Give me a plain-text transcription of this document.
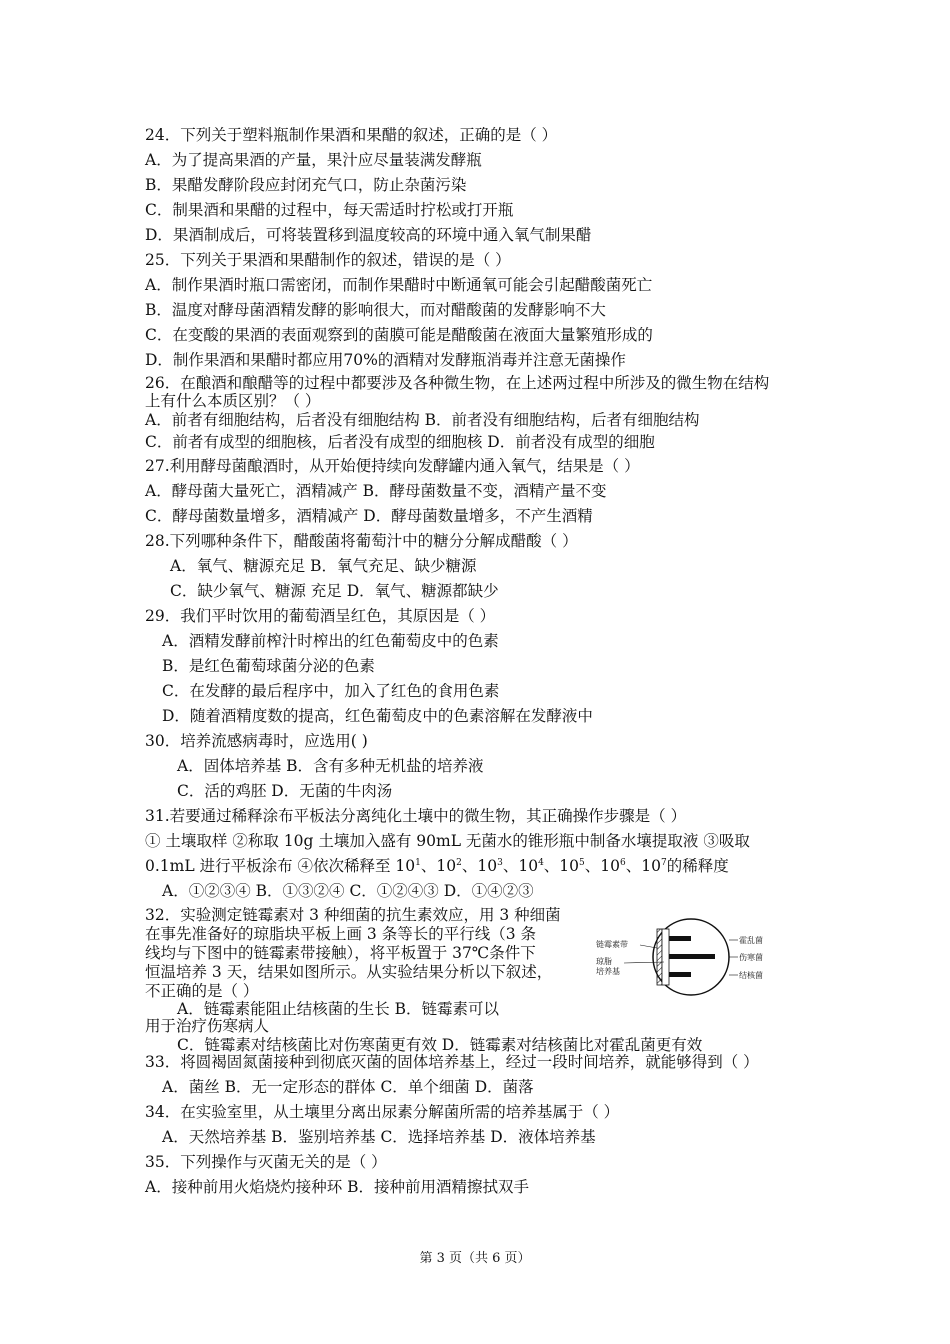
24．下列关于塑料瓶制作果酒和果醋的叙述，正确的是（ ）
A．为了提高果酒的产量，果汁应尽量装满发酵瓶
B．果醋发酵阶段应封闭充气口，防止杂菌污染
C．制果酒和果醋的过程中，每天需适时拧松或打开瓶
D．果酒制成后，可将装置移到温度较高的环境中通入氧气制果醋
25．下列关于果酒和果醋制作的叙述，错误的是（ ）
A．制作果酒时瓶口需密闭，而制作果醋时中断通氧可能会引起醋酸菌死亡
B．温度对酵母菌酒精发酵的影响很大，而对醋酸菌的发酵影响不大
C．在变酸的果酒的表面观察到的菌膜可能是醋酸菌在液面大量繁殖形成的
D．制作果酒和果醋时都应用70%的酒精对发酵瓶消毒并注意无菌操作
26．在酿酒和酿醋等的过程中都要涉及各种微生物，在上述两过程中所涉及的微生物在结构
上有什么本质区别？（ ）
A．前者有细胞结构，后者没有细胞结构 B．前者没有细胞结构，后者有细胞结构
C．前者有成型的细胞核，后者没有成型的细胞核 D．前者没有成型的细胞
27.利用酵母菌酿酒时，从开始便持续向发酵罐内通入氧气，结果是（ ）
A．酵母菌大量死亡，酒精减产 B．酵母菌数量不变，酒精产量不变
C．酵母菌数量增多，酒精减产 D．酵母菌数量增多，不产生酒精
28.下列哪种条件下，醋酸菌将葡萄汁中的糖分分解成醋酸（ ）
A．氧气、糖源充足 B．氧气充足、缺少糖源
C．缺少氧气、糖源 充足 D．氧气、糖源都缺少
29．我们平时饮用的葡萄酒呈红色，其原因是（ ）
A．酒精发酵前榨汁时榨出的红色葡萄皮中的色素
B．是红色葡萄球菌分泌的色素
C．在发酵的最后程序中，加入了红色的食用色素
D．随着酒精度数的提高，红色葡萄皮中的色素溶解在发酵液中
30．培养流感病毒时，应选用( )
A．固体培养基 B．含有多种无机盐的培养液
C．活的鸡胚 D．无菌的牛肉汤
31.若要通过稀释涂布平板法分离纯化土壤中的微生物，其正确操作步骤是（ ）
① 土壤取样 ②称取 10g 土壤加入盛有 90mL 无菌水的锥形瓶中制备水壤提取液 ③吸取
0.1mL 进行平板涂布 ④依次稀释至 $10^1$、$10^2$、$10^3$、$10^4$、$10^5$、$10^6$、$10^7$的稀释度
A．①②③④ B．①③②④ C．①②④③ D．①④②③
32．实验测定链霉素对 3 种细菌的抗生素效应，用 3 种细菌
在事先准备好的琼脂块平板上画 3 条等长的平行线（3 条
线均与下图中的链霉素带接触），将平板置于 37℃条件下
恒温培养 3 天，结果如图所示。从实验结果分析以下叙述，
不正确的是（ ）
A．链霉素能阻止结核菌的生长 B．链霉素可以
用于治疗伤寒病人
C．链霉素对结核菌比对伤寒菌更有效 D．链霉素对结核菌比对霍乱菌更有效
链霉素带
琼脂
培养基
霍乱菌
伤寒菌
结核菌
33．将圆褐固氮菌接种到彻底灭菌的固体培养基上，经过一段时间培养，就能够得到（ ）
A．菌丝 B．无一定形态的群体 C．单个细菌 D．菌落
34．在实验室里，从土壤里分离出尿素分解菌所需的培养基属于（ ）
A．天然培养基 B．鉴别培养基 C．选择培养基 D．液体培养基
35．下列操作与灭菌无关的是（ ）
A．接种前用火焰烧灼接种环 B．接种前用酒精擦拭双手
第 3 页（共 6 页）
